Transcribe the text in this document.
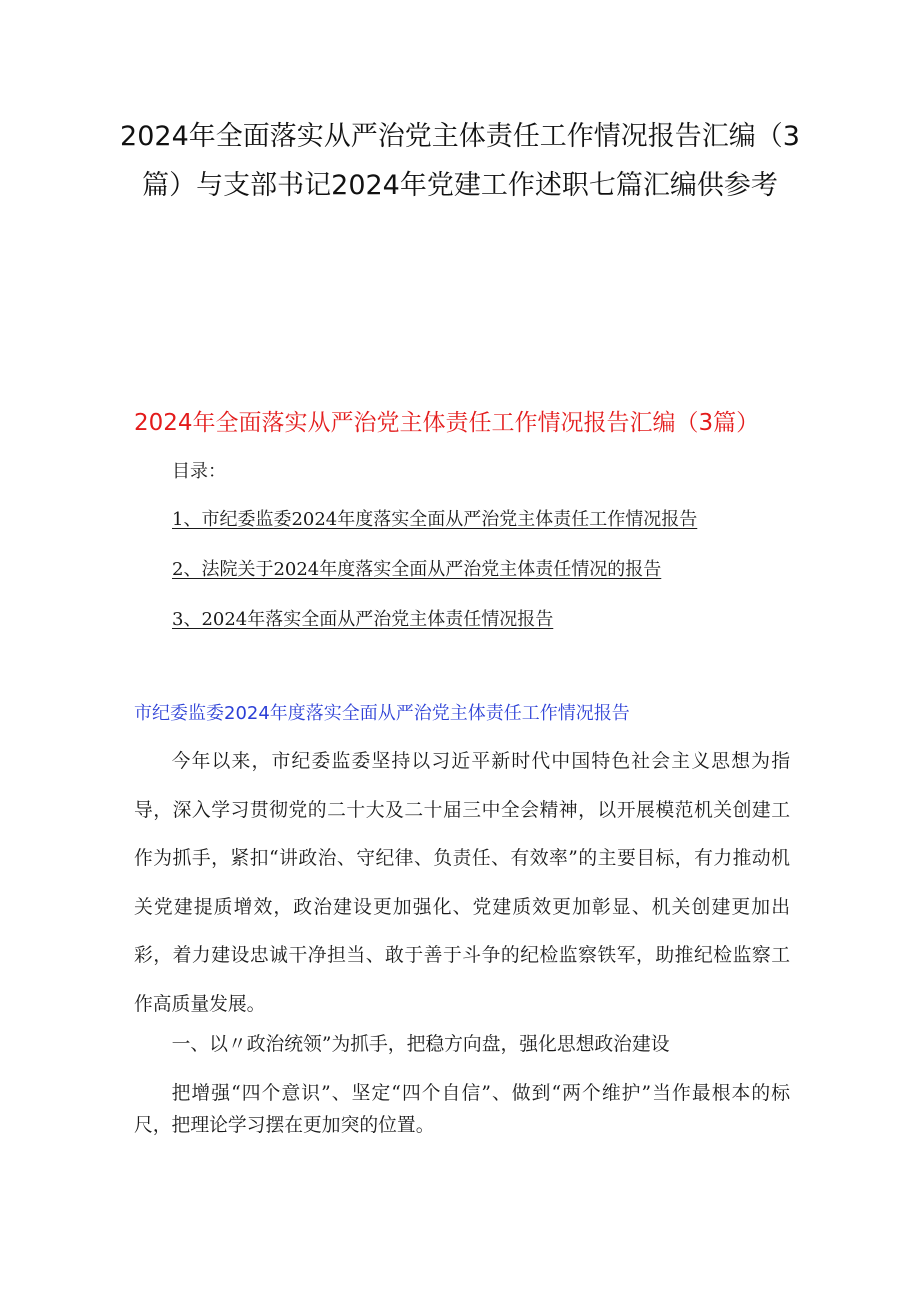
2024年全面落实从严治党主体责任工作情况报告汇编（3篇）与支部书记2024年党建工作述职七篇汇编供参考
2024年全面落实从严治党主体责任工作情况报告汇编（3篇）
目录：
1、市纪委监委2024年度落实全面从严治党主体责任工作情况报告
2、法院关于2024年度落实全面从严治党主体责任情况的报告
3、2024年落实全面从严治党主体责任情况报告
市纪委监委2024年度落实全面从严治党主体责任工作情况报告

今年以来，市纪委监委坚持以习近平新时代中国特色社会主义思想为指导，深入学习贯彻党的二十大及二十届三中全会精神，以开展模范机关创建工作为抓手，紧扣“讲政治、守纪律、负责任、有效率”的主要目标，有力推动机关党建提质增效，政治建设更加强化、党建质效更加彰显、机关创建更加出彩，着力建设忠诚干净担当、敢于善于斗争的纪检监察铁军，助推纪检监察工作高质量发展。

一、以〃政治统领”为抓手，把稳方向盘，强化思想政治建设

把增强“四个意识”、坚定“四个自信”、做到“两个维护”当作最根本的标尺，把理论学习摆在更加突的位置。
